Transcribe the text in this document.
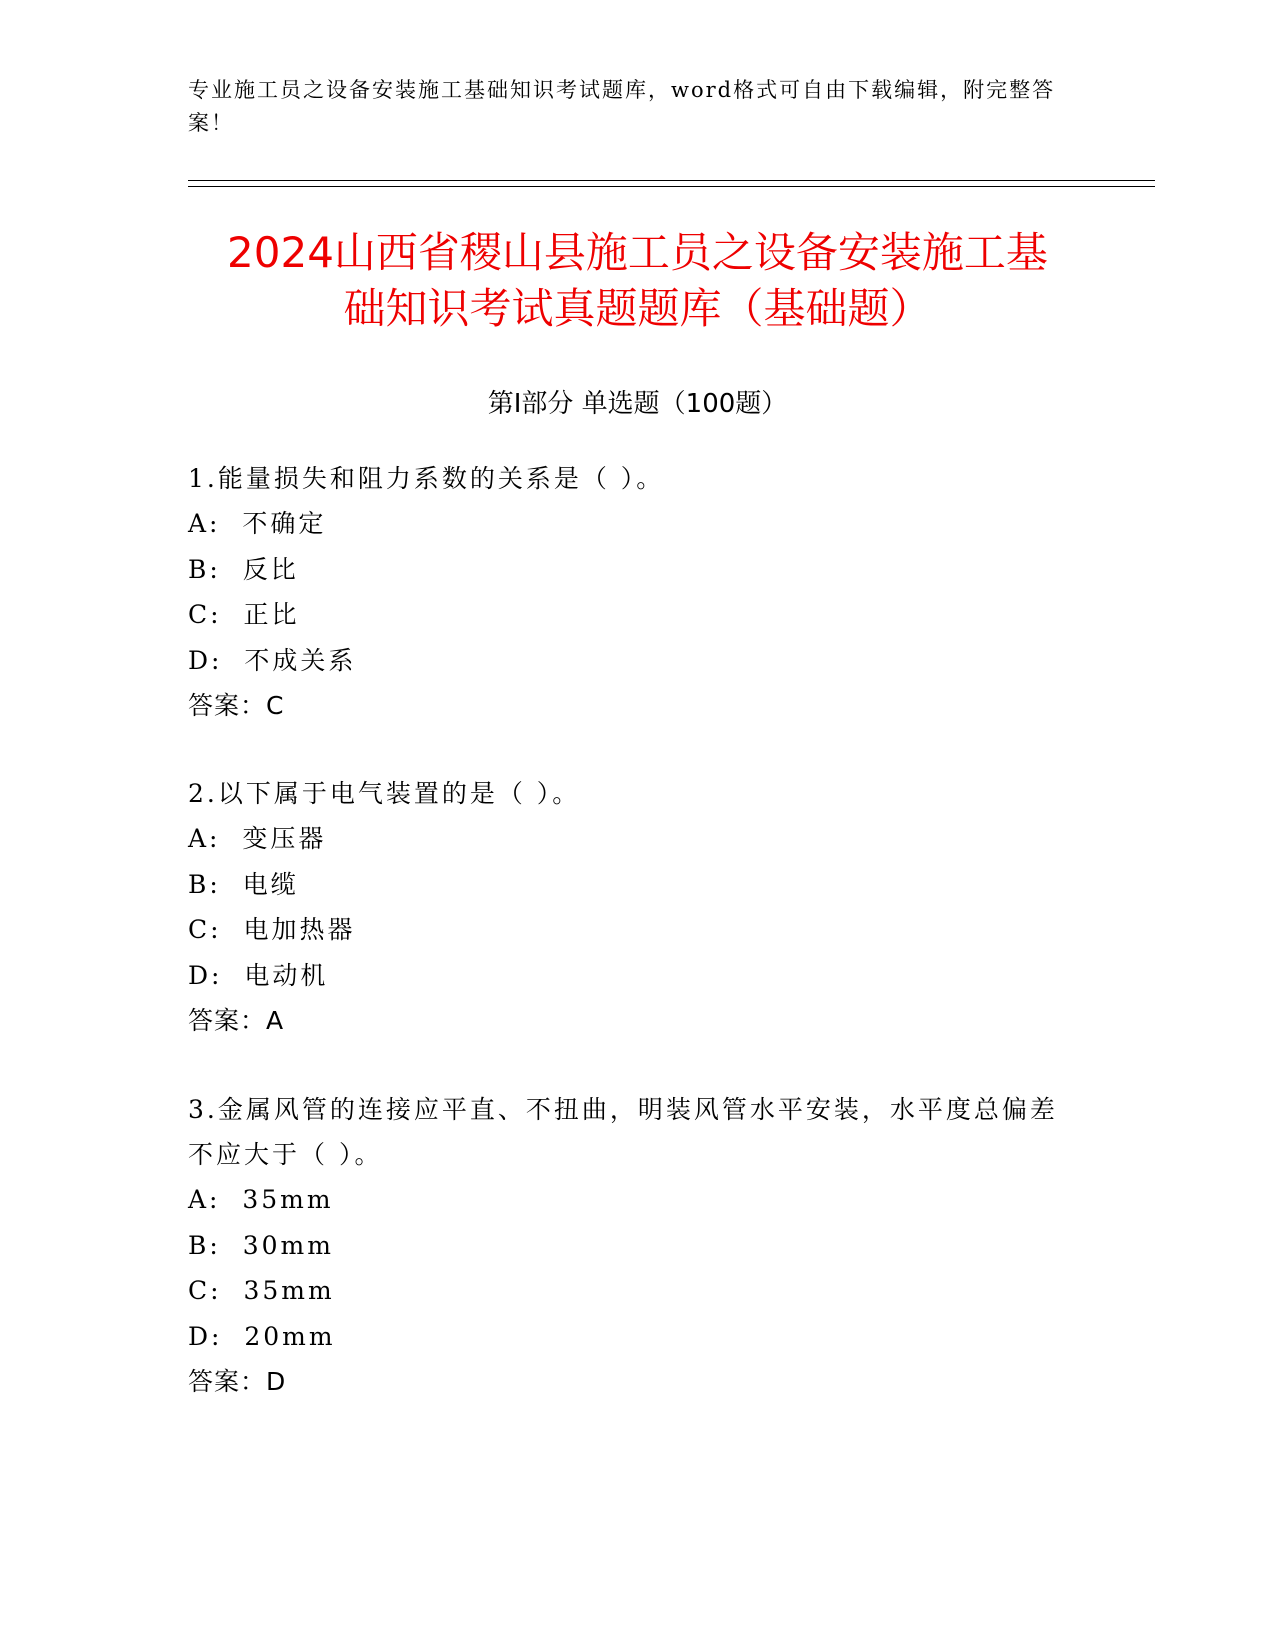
专业施工员之设备安装施工基础知识考试题库，word格式可自由下载编辑，附完整答案！
2024山西省稷山县施工员之设备安装施工基
础知识考试真题题库（基础题）
第Ⅰ部分 单选题（100题）
1.能量损失和阻力系数的关系是（ ）。
A:  不确定
B:  反比
C:  正比
D:  不成关系
答案：C
2.以下属于电气装置的是（ ）。
A:  变压器
B:  电缆
C:  电加热器
D:  电动机
答案：A
3.金属风管的连接应平直、不扭曲，明装风管水平安装，水平度总偏差不应大于（ ）。
A:  35mm
B:  30mm
C:  35mm
D:  20mm
答案：D
